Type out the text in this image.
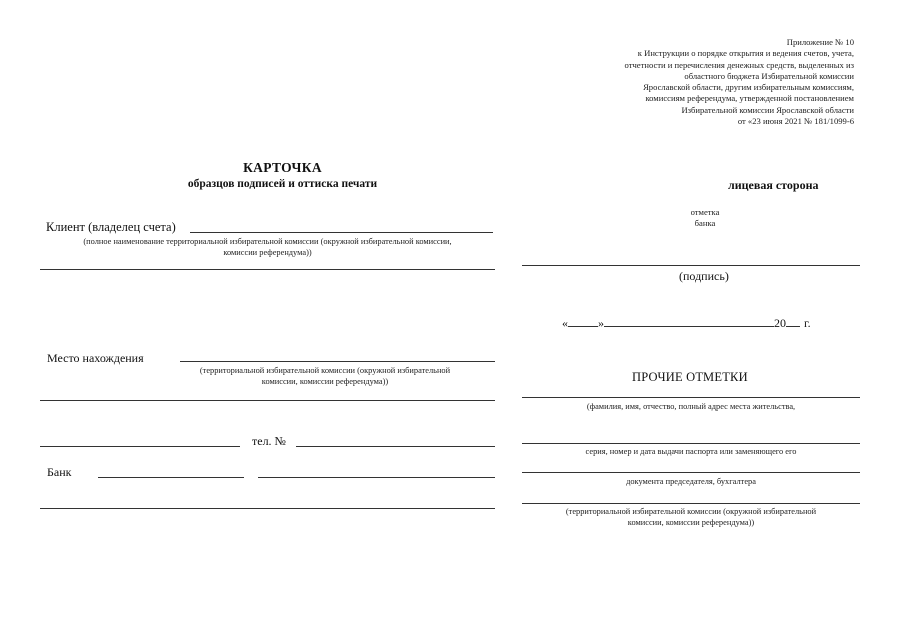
Приложение № 10
к Инструкции о порядке открытия и ведения счетов, учета,
отчетности и перечисления денежных средств, выделенных из
областного бюджета Избирательной комиссии
Ярославской области, другим избирательным комиссиям,
комиссиям референдума, утвержденной постановлением
Избирательной комиссии Ярославской области
от «23 июня 2021 № 181/1099-6
КАРТОЧКА
образцов подписей и оттиска печати	лицевая сторона
Клиент (владелец счета)
(полное наименование территориальной избирательной комиссии (окружной избирательной комиссии,
комиссии референдума))
Место нахождения
(территориальной избирательной комиссии (окружной избирательной
комиссии, комиссии референдума))
тел. №
Банк
отметка
банка
(подпись)
«	»	20 г.
ПРОЧИЕ ОТМЕТКИ
(фамилия, имя, отчество, полный адрес места жительства,
серия, номер и дата выдачи паспорта или заменяющего его
документа председателя, бухгалтера
(территориальной избирательной комиссии (окружной избирательной
комиссии, комиссии референдума))
